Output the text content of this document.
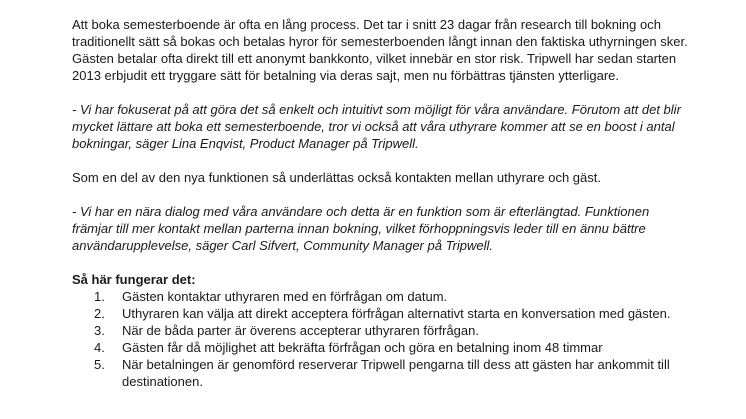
Att boka semesterboende är ofta en lång process. Det tar i snitt 23 dagar från research till bokning och traditionellt sätt så bokas och betalas hyror för semesterboenden långt innan den faktiska uthyrningen sker. Gästen betalar ofta direkt till ett anonymt bankkonto, vilket innebär en stor risk. Tripwell har sedan starten 2013 erbjudit ett tryggare sätt för betalning via deras sajt, men nu förbättras tjänsten ytterligare.

- Vi har fokuserat på att göra det så enkelt och intuitivt som möjligt för våra användare. Förutom att det blir mycket lättare att boka ett semesterboende, tror vi också att våra uthyrare kommer att se en boost i antal bokningar, säger Lina Enqvist, Product Manager på Tripwell.

Som en del av den nya funktionen så underlättas också kontakten mellan uthyrare och gäst.

- Vi har en nära dialog med våra användare och detta är en funktion som är efterlängtad. Funktionen främjar till mer kontakt mellan parterna innan bokning, vilket förhoppningsvis leder till en ännu bättre användarupplevelse, säger Carl Sifvert, Community Manager på Tripwell.

Så här fungerar det:
1. Gästen kontaktar uthyraren med en förfrågan om datum.
2. Uthyraren kan välja att direkt acceptera förfrågan alternativt starta en konversation med gästen.
3. När de båda parter är överens accepterar uthyraren förfrågan.
4. Gästen får då möjlighet att bekräfta förfrågan och göra en betalning inom 48 timmar
5. När betalningen är genomförd reserverar Tripwell pengarna till dess att gästen har ankommit till destinationen.
